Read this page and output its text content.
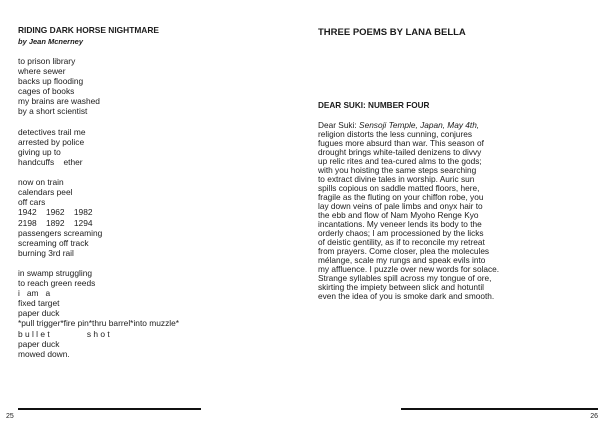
RIDING DARK HORSE NIGHTMARE
by Jean Mcnerney
to prison library
where sewer
backs up flooding
cages of books
my brains are washed
by a short scientist
detectives trail me
arrested by police
giving up to
handcuffs    ether
now on train
calendars peel
off cars
1942    1962    1982
2198    1892    1294
passengers screaming
screaming off track
burning 3rd rail
in swamp struggling
to reach green reeds
i   am   a
fixed target
paper duck
*pull trigger*fire pin*thru barrel*into muzzle*
b u l l e t                s h o t
paper duck
mowed down.
25
THREE POEMS BY LANA BELLA
DEAR SUKI: NUMBER FOUR
Dear Suki: Sensoji Temple, Japan, May 4th,
religion distorts the less cunning, conjures
fugues more absurd than war. This season of
drought brings white-tailed denizens to divvy
up relic rites and tea-cured alms to the gods;
with you hoisting the same steps searching
to extract divine tales in worship. Auric sun
spills copious on saddle matted floors, here,
fragile as the fluting on your chiffon robe, you
lay down veins of pale limbs and onyx hair to
the ebb and flow of Nam Myoho Renge Kyo
incantations. My veneer lends its body to the
orderly chaos; I am processioned by the licks
of deistic gentility, as if to reconcile my retreat
from prayers. Come closer, plea the molecules
mélange, scale my rungs and speak evils into
my affluence. I puzzle over new words for solace.
Strange syllables spill across my tongue of ore,
skirting the impiety between slick and hotuntil
even the idea of you is smoke dark and smooth.
26
